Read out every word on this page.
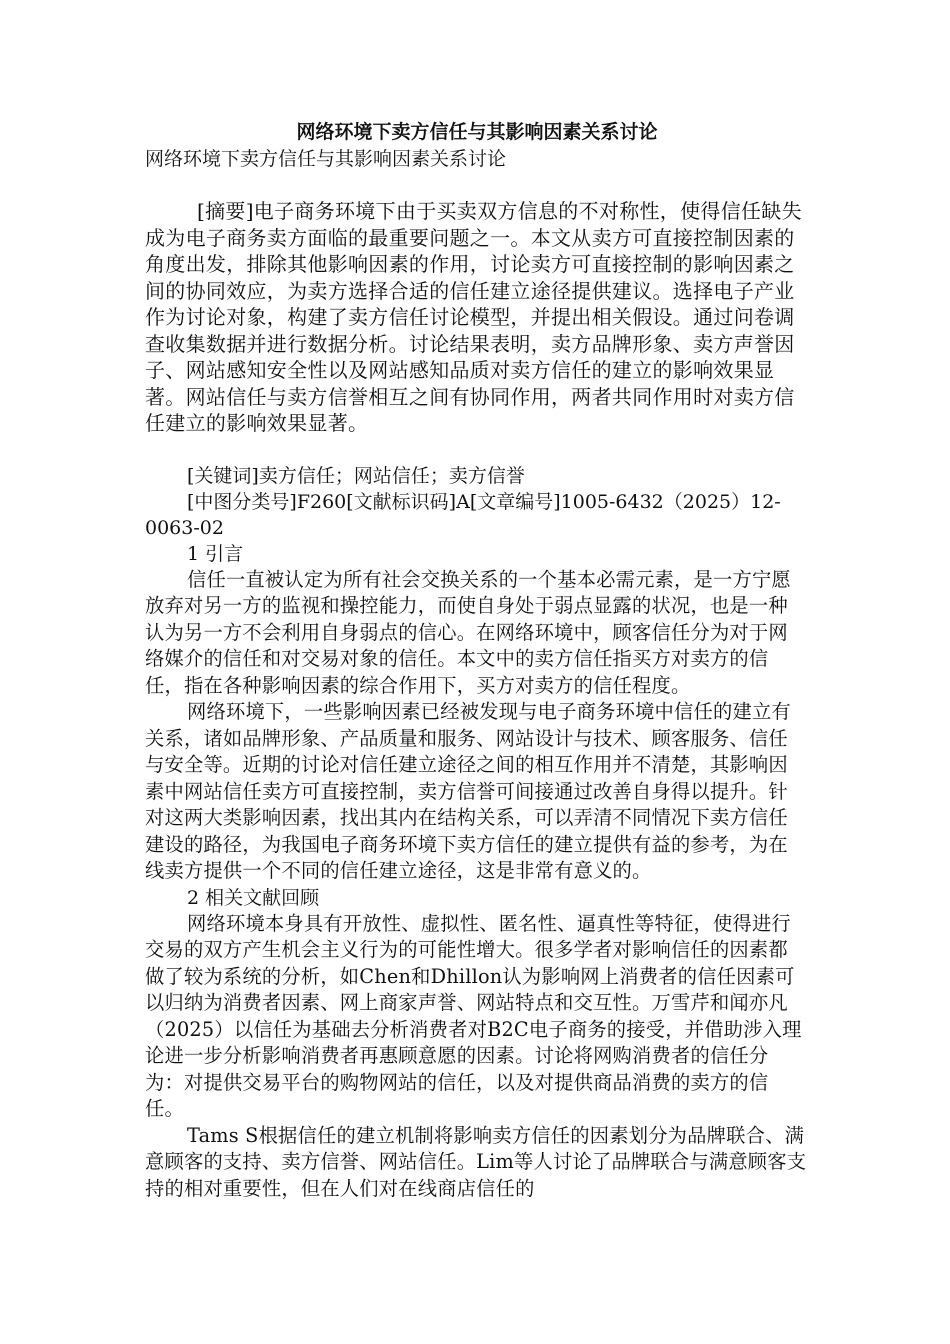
网络环境下卖方信任与其影响因素关系讨论

网络环境下卖方信任与其影响因素关系讨论

[摘要]电子商务环境下由于买卖双方信息的不对称性，使得信任缺失成为电子商务卖方面临的最重要问题之一。本文从卖方可直接控制因素的角度出发，排除其他影响因素的作用，讨论卖方可直接控制的影响因素之间的协同效应，为卖方选择合适的信任建立途径提供建议。选择电子产业作为讨论对象，构建了卖方信任讨论模型，并提出相关假设。通过问卷调查收集数据并进行数据分析。讨论结果表明，卖方品牌形象、卖方声誉因子、网站感知安全性以及网站感知品质对卖方信任的建立的影响效果显著。网站信任与卖方信誉相互之间有协同作用，两者共同作用时对卖方信任建立的影响效果显著。

[关键词]卖方信任；网站信任；卖方信誉

[中图分类号]F260[文献标识码]A[文章编号]1005-6432（2025）12-0063-02

1 引言

信任一直被认定为所有社会交换关系的一个基本必需元素，是一方宁愿放弃对另一方的监视和操控能力，而使自身处于弱点显露的状况，也是一种认为另一方不会利用自身弱点的信心。在网络环境中，顾客信任分为对于网络媒介的信任和对交易对象的信任。本文中的卖方信任指买方对卖方的信任，指在各种影响因素的综合作用下，买方对卖方的信任程度。

网络环境下，一些影响因素已经被发现与电子商务环境中信任的建立有关系，诸如品牌形象、产品质量和服务、网站设计与技术、顾客服务、信任与安全等。近期的讨论对信任建立途径之间的相互作用并不清楚，其影响因素中网站信任卖方可直接控制，卖方信誉可间接通过改善自身得以提升。针对这两大类影响因素，找出其内在结构关系，可以弄清不同情况下卖方信任建设的路径，为我国电子商务环境下卖方信任的建立提供有益的参考，为在线卖方提供一个不同的信任建立途径，这是非常有意义的。

2 相关文献回顾

网络环境本身具有开放性、虚拟性、匿名性、逼真性等特征，使得进行交易的双方产生机会主义行为的可能性增大。很多学者对影响信任的因素都做了较为系统的分析，如Chen和Dhillon认为影响网上消费者的信任因素可以归纳为消费者因素、网上商家声誉、网站特点和交互性。万雪芹和闻亦凡（2025）以信任为基础去分析消费者对B2C电子商务的接受，并借助涉入理论进一步分析影响消费者再惠顾意愿的因素。讨论将网购消费者的信任分为：对提供交易平台的购物网站的信任，以及对提供商品消费的卖方的信任。

Tams S根据信任的建立机制将影响卖方信任的因素划分为品牌联合、满意顾客的支持、卖方信誉、网站信任。Lim等人讨论了品牌联合与满意顾客支持的相对重要性，但在人们对在线商店信任的
